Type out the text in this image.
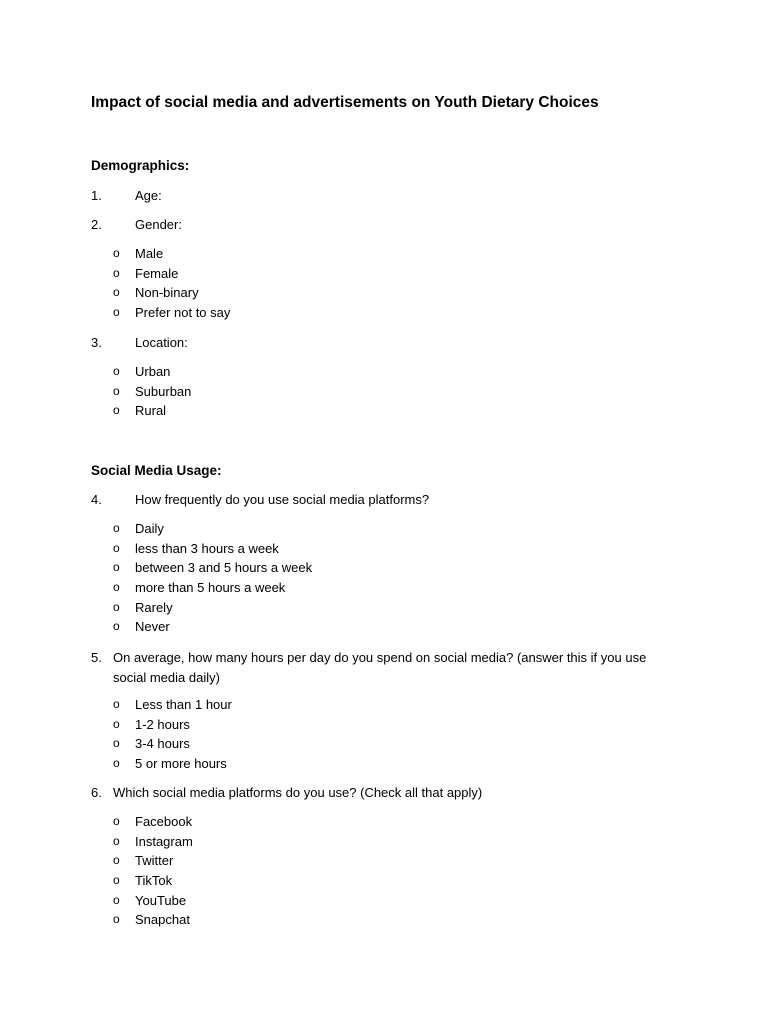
Impact of social media and advertisements on Youth Dietary Choices
Demographics:
1.	Age:
2.	Gender:
o Male
o Female
o Non-binary
o Prefer not to say
3.	Location:
o Urban
o Suburban
o Rural
Social Media Usage:
4.	How frequently do you use social media platforms?
o Daily
o less than 3 hours a week
o between 3 and 5 hours a week
o more than 5 hours a week
o Rarely
o Never
5. On average, how many hours per day do you spend on social media? (answer this if you use social media daily)
o Less than 1 hour
o 1-2 hours
o 3-4 hours
o 5 or more hours
6. Which social media platforms do you use? (Check all that apply)
o Facebook
o Instagram
o Twitter
o TikTok
o YouTube
o Snapchat
